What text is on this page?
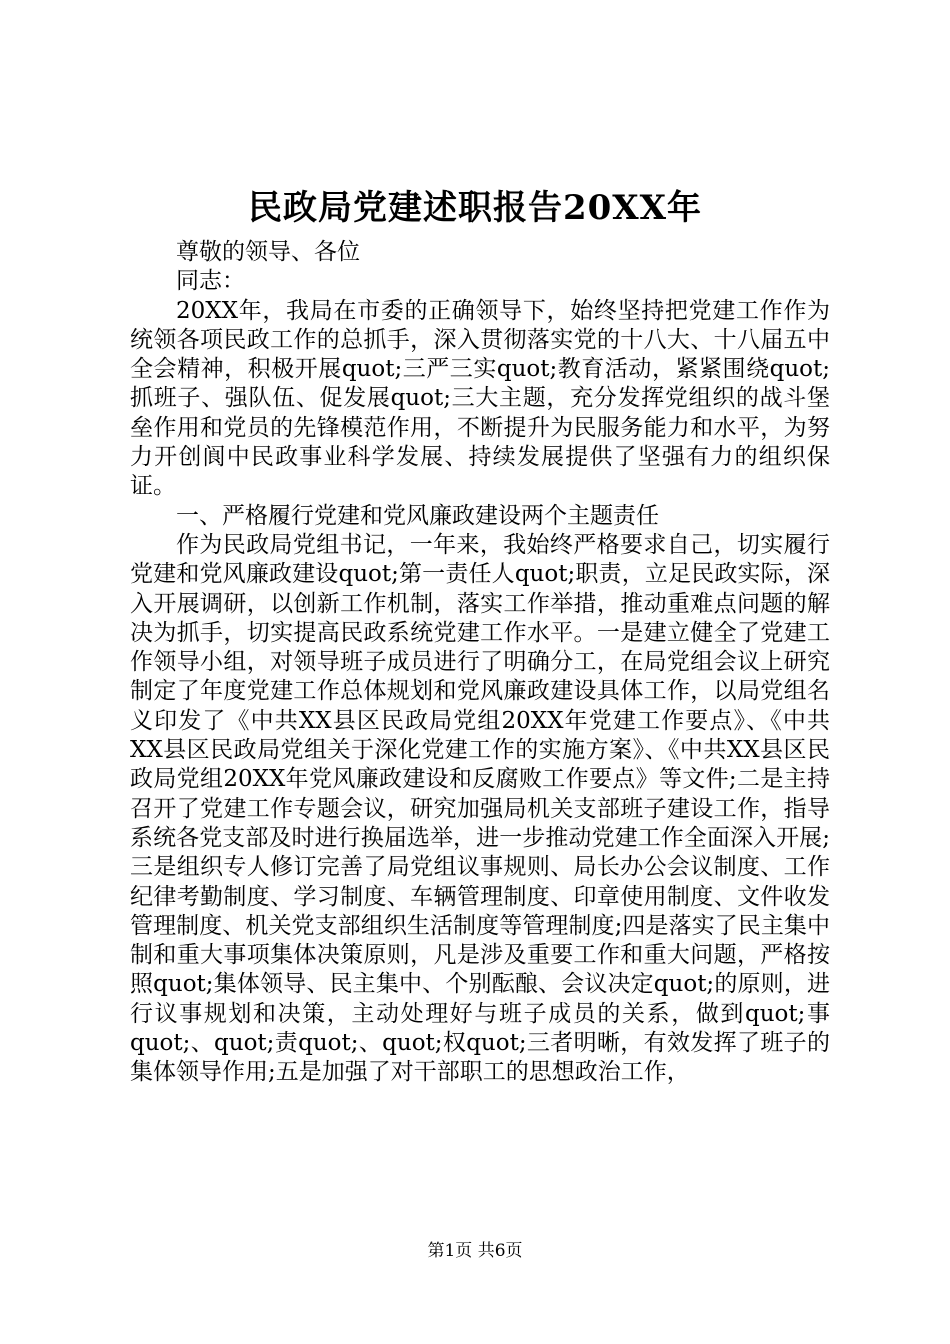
民政局党建述职报告20XX年

尊敬的领导、各位

同志：

20XX年，我局在市委的正确领导下，始终坚持把党建工作作为统领各项民政工作的总抓手，深入贯彻落实党的十八大、十八届五中全会精神，积极开展quot;三严三实quot;教育活动，紧紧围绕quot;抓班子、强队伍、促发展quot;三大主题，充分发挥党组织的战斗堡垒作用和党员的先锋模范作用，不断提升为民服务能力和水平，为努力开创阆中民政事业科学发展、持续发展提供了坚强有力的组织保证。

一、严格履行党建和党风廉政建设两个主题责任

作为民政局党组书记，一年来，我始终严格要求自己，切实履行党建和党风廉政建设quot;第一责任人quot;职责，立足民政实际，深入开展调研，以创新工作机制，落实工作举措，推动重难点问题的解决为抓手，切实提高民政系统党建工作水平。一是建立健全了党建工作领导小组，对领导班子成员进行了明确分工，在局党组会议上研究制定了年度党建工作总体规划和党风廉政建设具体工作，以局党组名义印发了《中共XX县区民政局党组20XX年党建工作要点》、《中共XX县区民政局党组关于深化党建工作的实施方案》、《中共XX县区民政局党组20XX年党风廉政建设和反腐败工作要点》等文件;二是主持召开了党建工作专题会议，研究加强局机关支部班子建设工作，指导系统各党支部及时进行换届选举，进一步推动党建工作全面深入开展;三是组织专人修订完善了局党组议事规则、局长办公会议制度、工作纪律考勤制度、学习制度、车辆管理制度、印章使用制度、文件收发管理制度、机关党支部组织生活制度等管理制度;四是落实了民主集中制和重大事项集体决策原则，凡是涉及重要工作和重大问题，严格按照quot;集体领导、民主集中、个别酝酿、会议决定quot;的原则，进行议事规划和决策，主动处理好与班子成员的关系，做到quot;事quot;、quot;责quot;、quot;权quot;三者明晰，有效发挥了班子的集体领导作用;五是加强了对干部职工的思想政治工作，

第1页 共6页
